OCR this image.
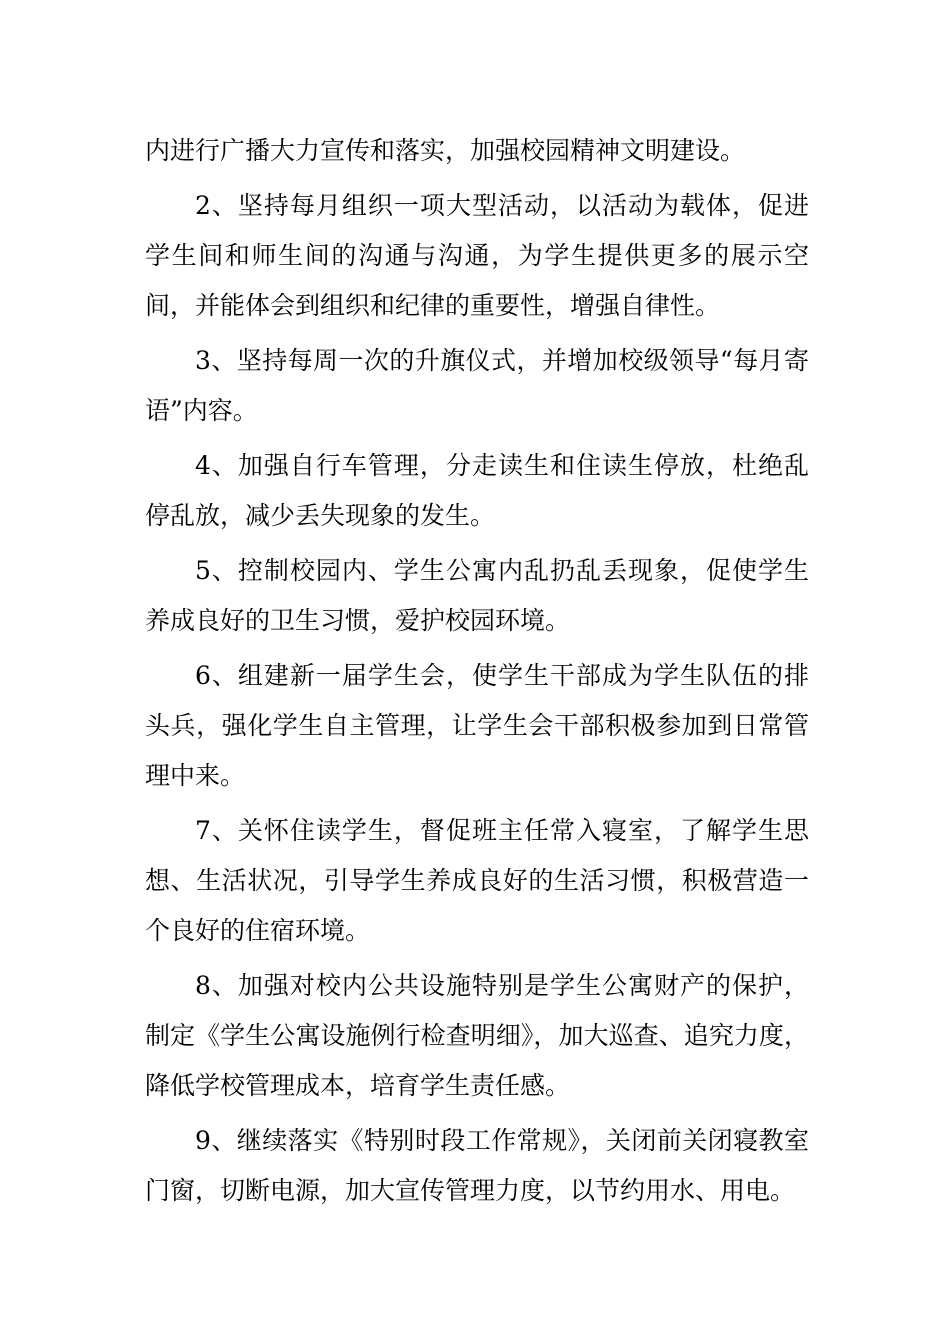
内进行广播大力宣传和落实，加强校园精神文明建设。

2、坚持每月组织一项大型活动，以活动为载体，促进学生间和师生间的沟通与沟通，为学生提供更多的展示空间，并能体会到组织和纪律的重要性，增强自律性。

3、坚持每周一次的升旗仪式，并增加校级领导“每月寄语”内容。

4、加强自行车管理，分走读生和住读生停放，杜绝乱停乱放，减少丢失现象的发生。

5、控制校园内、学生公寓内乱扔乱丢现象，促使学生养成良好的卫生习惯，爱护校园环境。

6、组建新一届学生会，使学生干部成为学生队伍的排头兵，强化学生自主管理，让学生会干部积极参加到日常管理中来。

7、关怀住读学生，督促班主任常入寝室，了解学生思想、生活状况，引导学生养成良好的生活习惯，积极营造一个良好的住宿环境。

8、加强对校内公共设施特别是学生公寓财产的保护，制定《学生公寓设施例行检查明细》，加大巡查、追究力度，降低学校管理成本，培育学生责任感。

9、继续落实《特别时段工作常规》，关闭前关闭寝教室门窗，切断电源，加大宣传管理力度，以节约用水、用电。
